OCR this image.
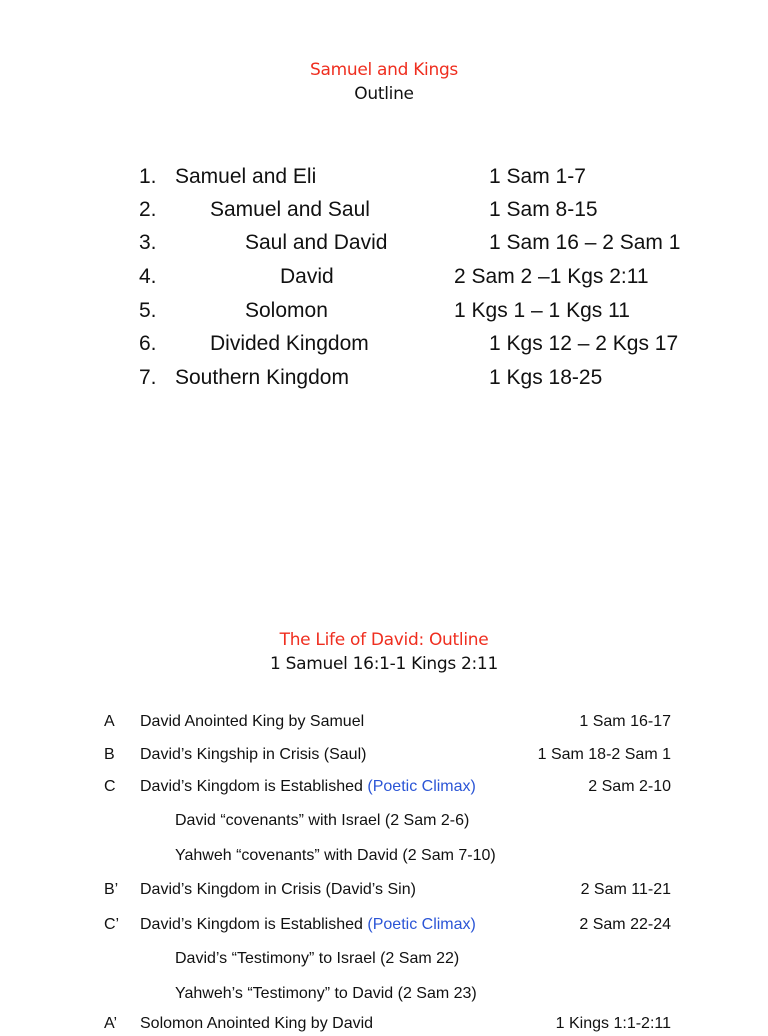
Samuel and Kings
Outline
1. Samuel and Eli	1 Sam 1-7
2.	Samuel and Saul	1 Sam 8-15
3.	Saul and David	1 Sam 16 – 2 Sam 1
4.	David	2 Sam 2 –1 Kgs 2:11
5.	Solomon	1 Kgs 1 – 1 Kgs 11
6.	Divided Kingdom	1 Kgs 12 – 2 Kgs 17
7. Southern Kingdom	1 Kgs 18-25
The Life of David: Outline
1 Samuel 16:1-1 Kings 2:11
A David Anointed King by Samuel	1 Sam 16-17
B David’s Kingship in Crisis (Saul)	1 Sam 18-2 Sam 1
C David’s Kingdom is Established (Poetic Climax)	2 Sam 2-10
David “covenants” with Israel (2 Sam 2-6)
Yahweh “covenants” with David (2 Sam 7-10)
B’ David’s Kingdom in Crisis (David’s Sin)	2 Sam 11-21
C’ David’s Kingdom is Established (Poetic Climax)	2 Sam 22-24
David’s “Testimony” to Israel (2 Sam 22)
Yahweh’s “Testimony” to David (2 Sam 23)
A’ Solomon Anointed King by David	1 Kings 1:1-2:11
